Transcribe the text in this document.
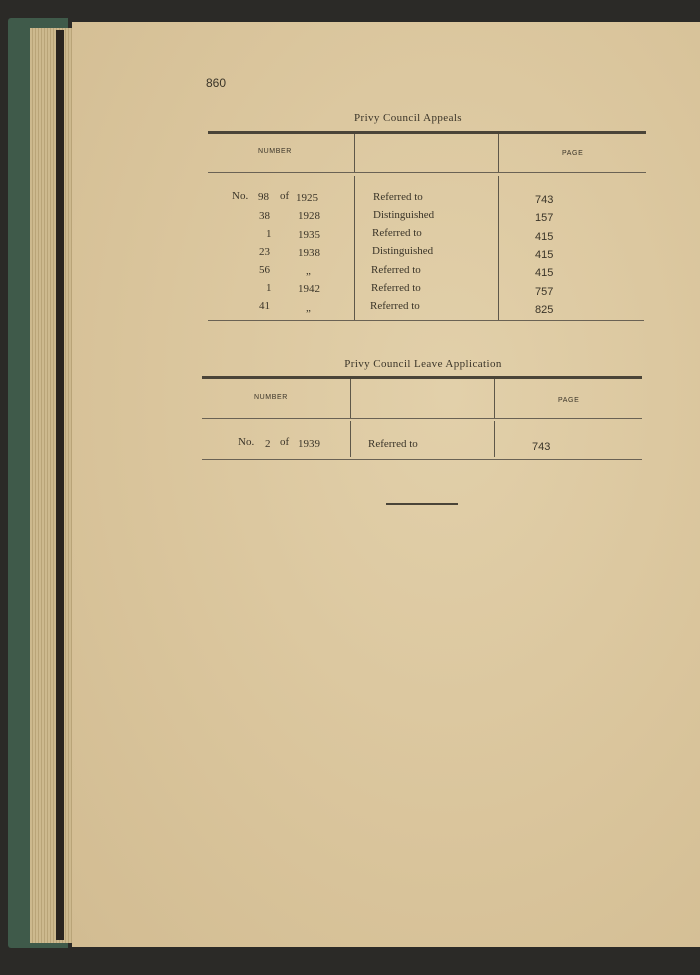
860
Privy Council Appeals
NUMBER	PAGE
No. 98 of 1925	Referred to	743
38	1928	Distinguished	157
1 1935	Referred to	415
23	1938	Distinguished	415
56	„	Referred to	415
1 1942	Referred to	757
41	„	Referred to	825
Privy Council Leave Application
NUMBER	PAGE
No. 2 of 1939	Referred to	743
